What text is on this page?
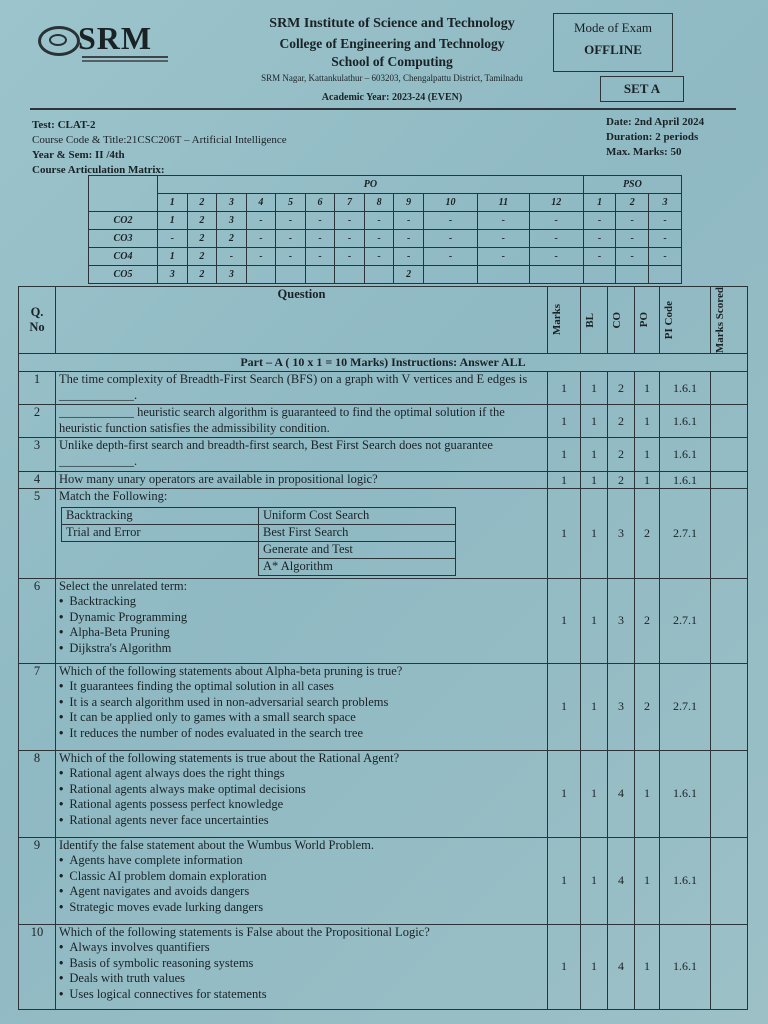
SRM	SRM Institute of Science and Technology
College of Engineering and Technology
School of Computing
SRM Nagar, Kattankulathur – 603203, Chengalpattu District, Tamilnadu
Academic Year: 2023-24 (EVEN)
Mode of Exam
OFFLINE
SET A
Test: CLAT-2
Course Code & Title:21CSC206T – Artificial Intelligence
Year & Sem: II /4th
Course Articulation Matrix:
Date: 2nd April 2024
Duration: 2 periods
Max. Marks: 50
	PO												PSO		
	1	2	3	4	5	6	7	8	9	10	11	12	1	2	3
CO2	1	2	3	-	-	-	-	-	-	-	-	-	-	-	-
CO3	-	2	2	-	-	-	-	-	-	-	-	-	-	-	-
CO4	1	2	-	-	-	-	-	-	-	-	-	-	-	-	-
CO5	3	2	3						2						
Q. No	Question	
Marks	BL	CO	PO	PI Code	Marks Scored

Part – A ( 10 x 1 = 10 Marks) Instructions: Answer ALL
1	The time complexity of Breadth-First Search (BFS) on a graph with V vertices and E edges is ____________.	1	1	2	1	1.6.1	
2	____________ heuristic search algorithm is guaranteed to find the optimal solution if the heuristic function satisfies the admissibility condition.	1	1	2	1	1.6.1	
3	Unlike depth-first search and breadth-first search, Best First Search does not guarantee ____________.	1	1	2	1	1.6.1	
4	How many unary operators are available in propositional logic?	1	1	2	1	1.6.1	
5	Match the Following:
Backtracking	Uniform Cost Search
Trial and Error	Best First Search
	Generate and Test
	A* Algorithm
	1	1	3	2	2.7.1	
6	Select the unrelated term:
• Backtracking
• Dynamic Programming
• Alpha-Beta Pruning
• Dijkstra's Algorithm
	1	1	3	2	2.7.1	
7	Which of the following statements about Alpha-beta pruning is true?
• It guarantees finding the optimal solution in all cases
• It is a search algorithm used in non-adversarial search problems
• It can be applied only to games with a small search space
• It reduces the number of nodes evaluated in the search tree
	1	1	3	2	2.7.1	
8	Which of the following statements is true about the Rational Agent?
• Rational agent always does the right things
• Rational agents always make optimal decisions
• Rational agents possess perfect knowledge
• Rational agents never face uncertainties
	1	1	4	1	1.6.1	
9	Identify the false statement about the Wumbus World Problem.
• Agents have complete information
• Classic AI problem domain exploration
• Agent navigates and avoids dangers
• Strategic moves evade lurking dangers
	1	1	4	1	1.6.1	
10	Which of the following statements is False about the Propositional Logic?
• Always involves quantifiers
• Basis of symbolic reasoning systems
• Deals with truth values
• Uses logical connectives for statements
	1	1	4	1	1.6.1	
